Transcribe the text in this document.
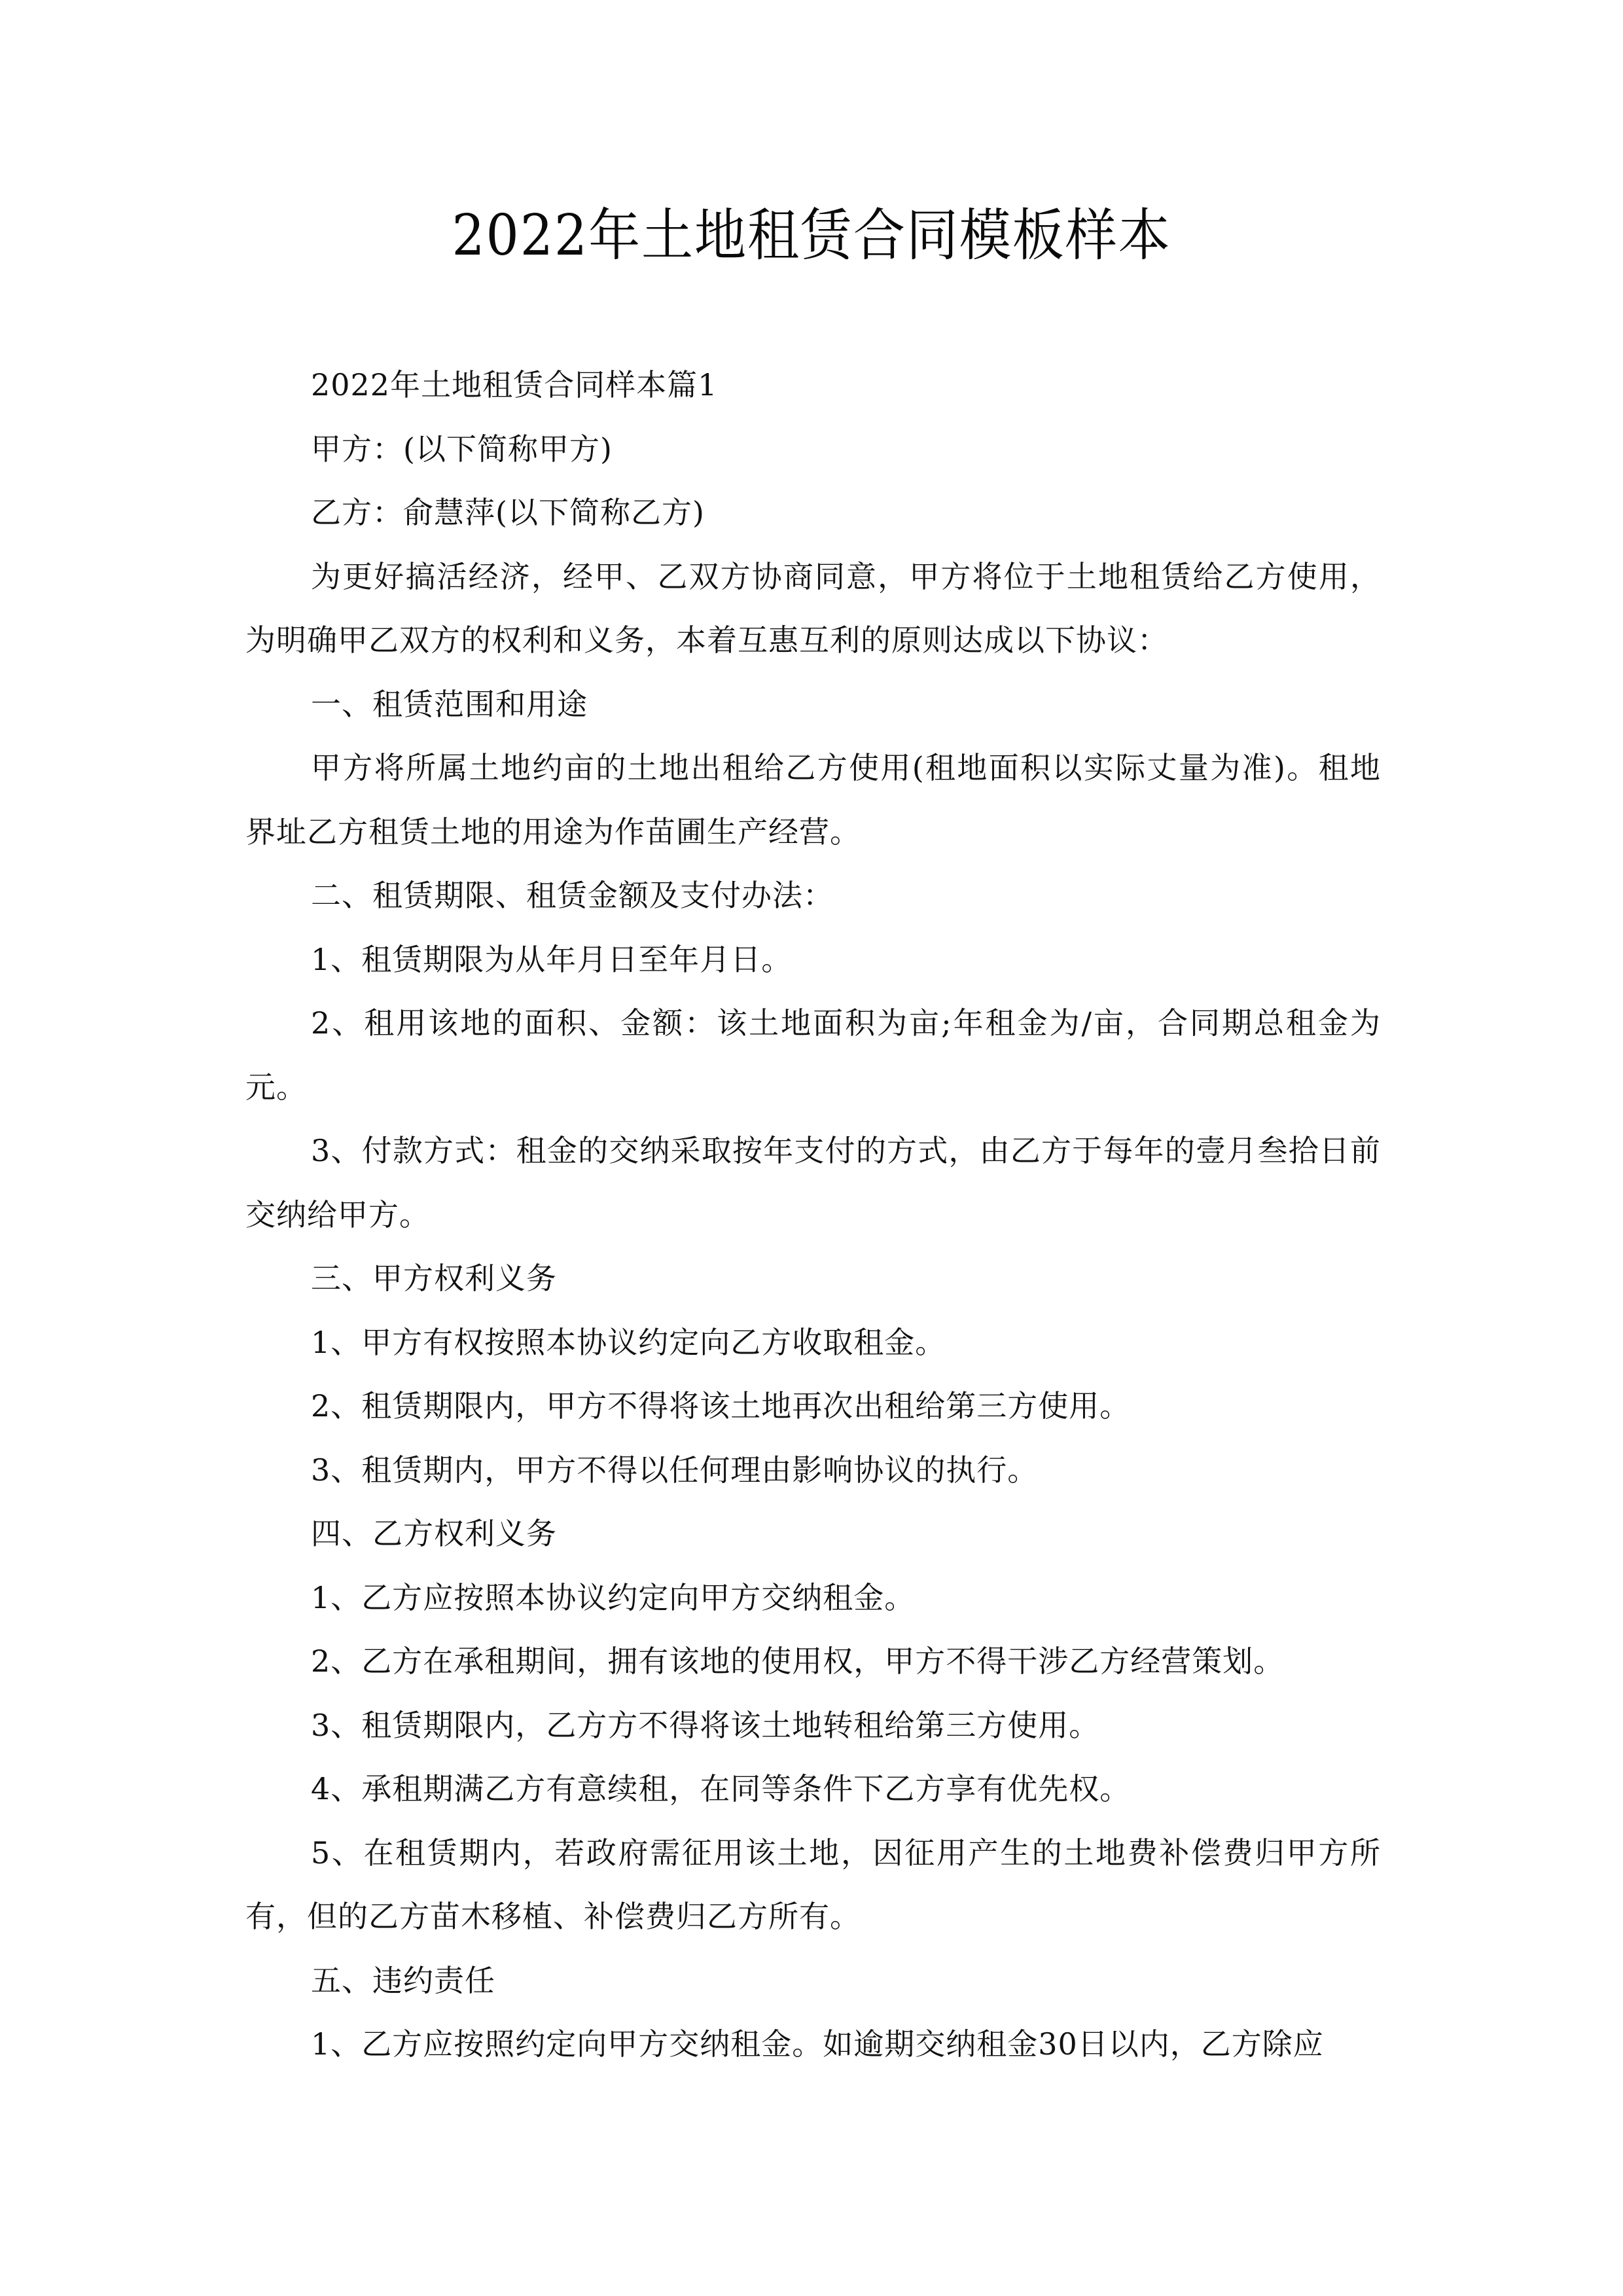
2022年土地租赁合同模板样本

2022年土地租赁合同样本篇1

甲方：(以下简称甲方)

乙方：俞慧萍(以下简称乙方)

为更好搞活经济，经甲、乙双方协商同意，甲方将位于土地租赁给乙方使用，为明确甲乙双方的权利和义务，本着互惠互利的原则达成以下协议：

一、租赁范围和用途

甲方将所属土地约亩的土地出租给乙方使用(租地面积以实际丈量为准)。租地界址乙方租赁土地的用途为作苗圃生产经营。

二、租赁期限、租赁金额及支付办法：

1、租赁期限为从年月日至年月日。

2、租用该地的面积、金额：该土地面积为亩;年租金为/亩，合同期总租金为元。

3、付款方式：租金的交纳采取按年支付的方式，由乙方于每年的壹月叁拾日前交纳给甲方。

三、甲方权利义务

1、甲方有权按照本协议约定向乙方收取租金。

2、租赁期限内，甲方不得将该土地再次出租给第三方使用。

3、租赁期内，甲方不得以任何理由影响协议的执行。

四、乙方权利义务

1、乙方应按照本协议约定向甲方交纳租金。

2、乙方在承租期间，拥有该地的使用权，甲方不得干涉乙方经营策划。

3、租赁期限内，乙方方不得将该土地转租给第三方使用。

4、承租期满乙方有意续租，在同等条件下乙方享有优先权。

5、在租赁期内，若政府需征用该土地，因征用产生的土地费补偿费归甲方所有，但的乙方苗木移植、补偿费归乙方所有。

五、违约责任

1、乙方应按照约定向甲方交纳租金。如逾期交纳租金30日以内，乙方除应
